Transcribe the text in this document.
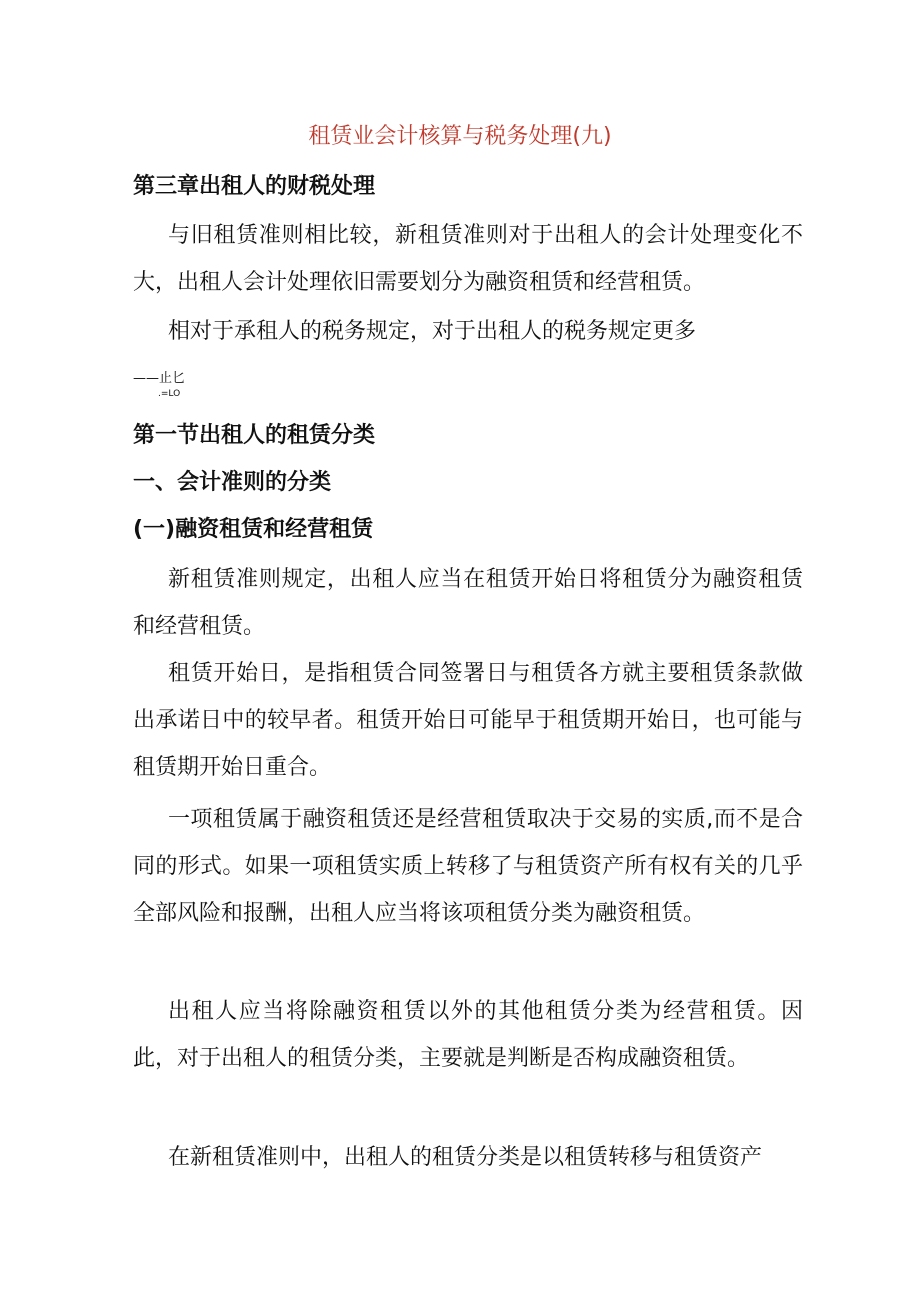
租赁业会计核算与税务处理(九)
第三章出租人的财税处理

与旧租赁准则相比较，新租赁准则对于出租人的会计处理变化不大，出租人会计处理依旧需要划分为融资租赁和经营租赁。

相对于承租人的税务规定，对于出租人的税务规定更多

——止匕

.=LO

第一节出租人的租赁分类
一、会计准则的分类
(一)融资租赁和经营租赁

新租赁准则规定，出租人应当在租赁开始日将租赁分为融资租赁和经营租赁。

租赁开始日，是指租赁合同签署日与租赁各方就主要租赁条款做出承诺日中的较早者。租赁开始日可能早于租赁期开始日，也可能与租赁期开始日重合。

一项租赁属于融资租赁还是经营租赁取决于交易的实质,而不是合同的形式。如果一项租赁实质上转移了与租赁资产所有权有关的几乎全部风险和报酬，出租人应当将该项租赁分类为融资租赁。

出租人应当将除融资租赁以外的其他租赁分类为经营租赁。因此，对于出租人的租赁分类，主要就是判断是否构成融资租赁。

在新租赁准则中，出租人的租赁分类是以租赁转移与租赁资产
